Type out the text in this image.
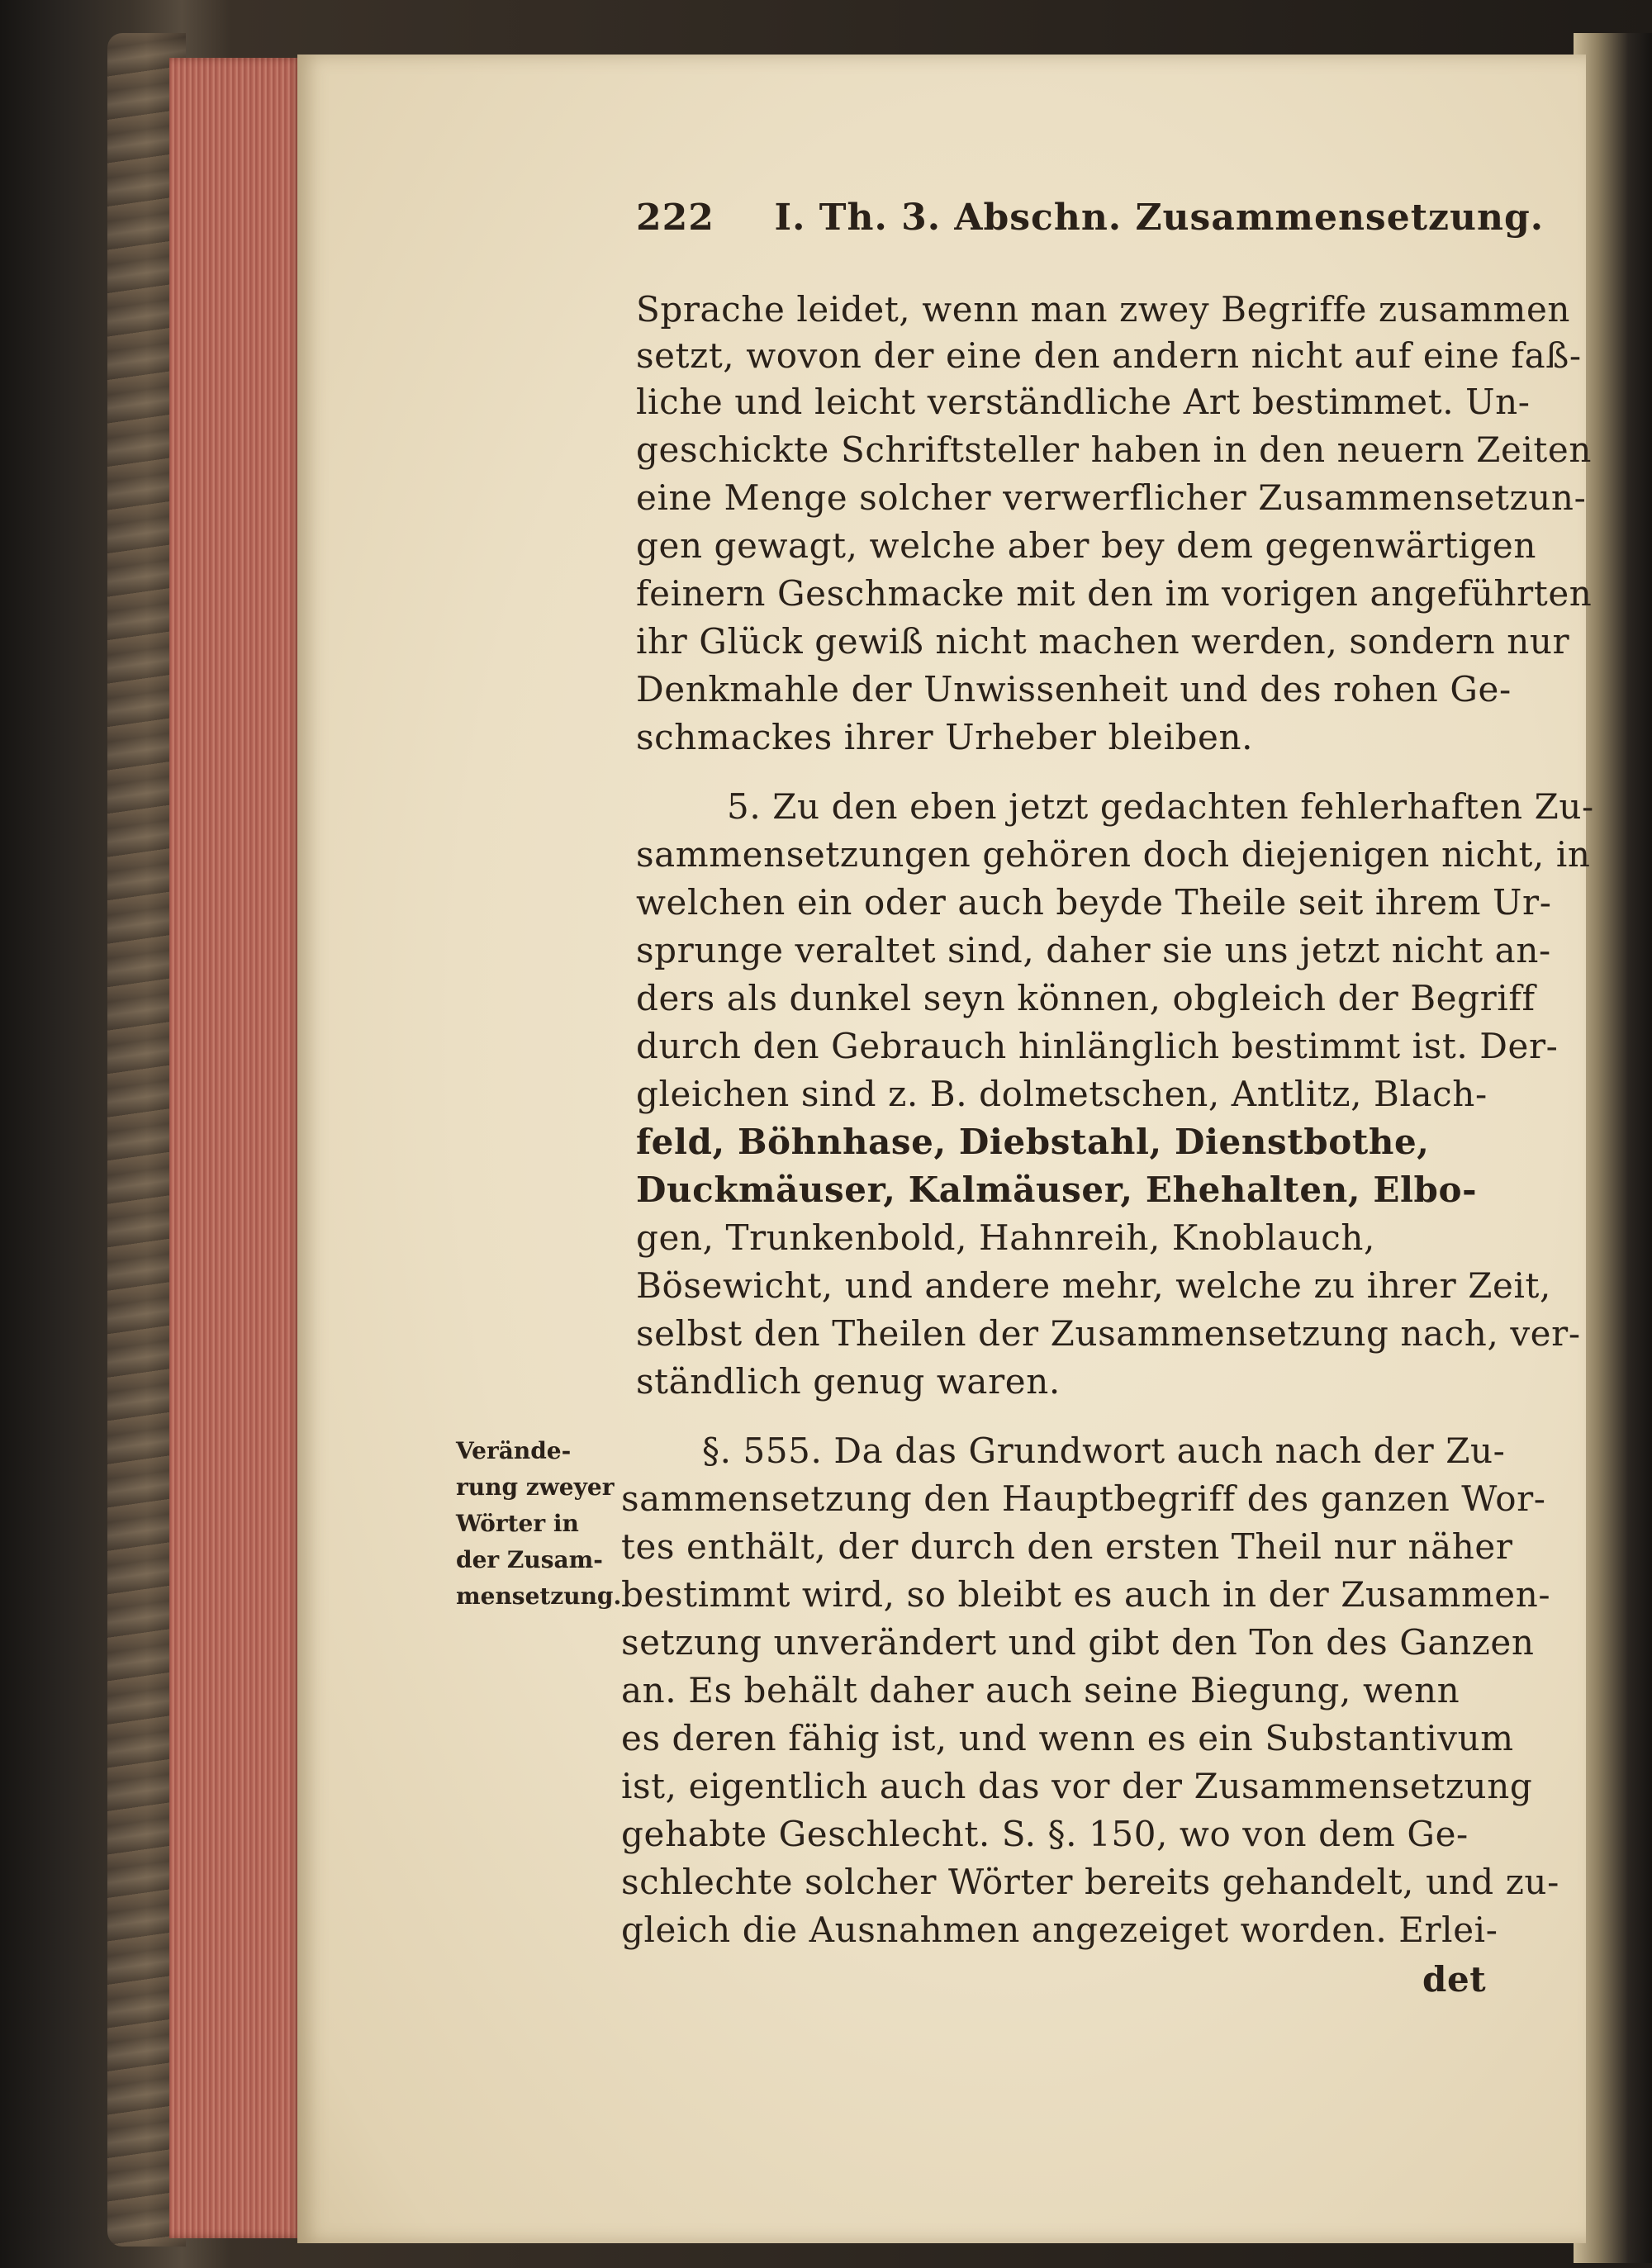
222 I. Th. 3. Abschn. Zusammensetzung.
Sprache leidet, wenn man zwey Begriffe zusammen
setzt, wovon der eine den andern nicht auf eine faß-
liche und leicht verständliche Art bestimmet. Un-
geschickte Schriftsteller haben in den neuern Zeiten
eine Menge solcher verwerflicher Zusammensetzun-
gen gewagt, welche aber bey dem gegenwärtigen
feinern Geschmacke mit den im vorigen angeführten
ihr Glück gewiß nicht machen werden, sondern nur
Denkmahle der Unwissenheit und des rohen Ge-
schmackes ihrer Urheber bleiben.
5. Zu den eben jetzt gedachten fehlerhaften Zu-
sammensetzungen gehören doch diejenigen nicht, in
welchen ein oder auch beyde Theile seit ihrem Ur-
sprunge veraltet sind, daher sie uns jetzt nicht an-
ders als dunkel seyn können, obgleich der Begriff
durch den Gebrauch hinlänglich bestimmt ist. Der-
gleichen sind z. B. dolmetschen, Antlitz, Blach-
feld, Böhnhase, Diebstahl, Dienstbothe,
Duckmäuser, Kalmäuser, Ehehalten, Elbo-
gen, Trunkenbold, Hahnreih, Knoblauch,
Bösewicht, und andere mehr, welche zu ihrer Zeit,
selbst den Theilen der Zusammensetzung nach, ver-
ständlich genug waren.
§. 555. Da das Grundwort auch nach der Zu-
sammensetzung den Hauptbegriff des ganzen Wor-
tes enthält, der durch den ersten Theil nur näher
bestimmt wird, so bleibt es auch in der Zusammen-
setzung unverändert und gibt den Ton des Ganzen
an. Es behält daher auch seine Biegung, wenn
es deren fähig ist, und wenn es ein Substantivum
ist, eigentlich auch das vor der Zusammensetzung
gehabte Geschlecht. S. §. 150, wo von dem Ge-
schlechte solcher Wörter bereits gehandelt, und zu-
gleich die Ausnahmen angezeiget worden. Erlei-
det
Verände-
rung zweyer
Wörter in
der Zusam-
mensetzung.
